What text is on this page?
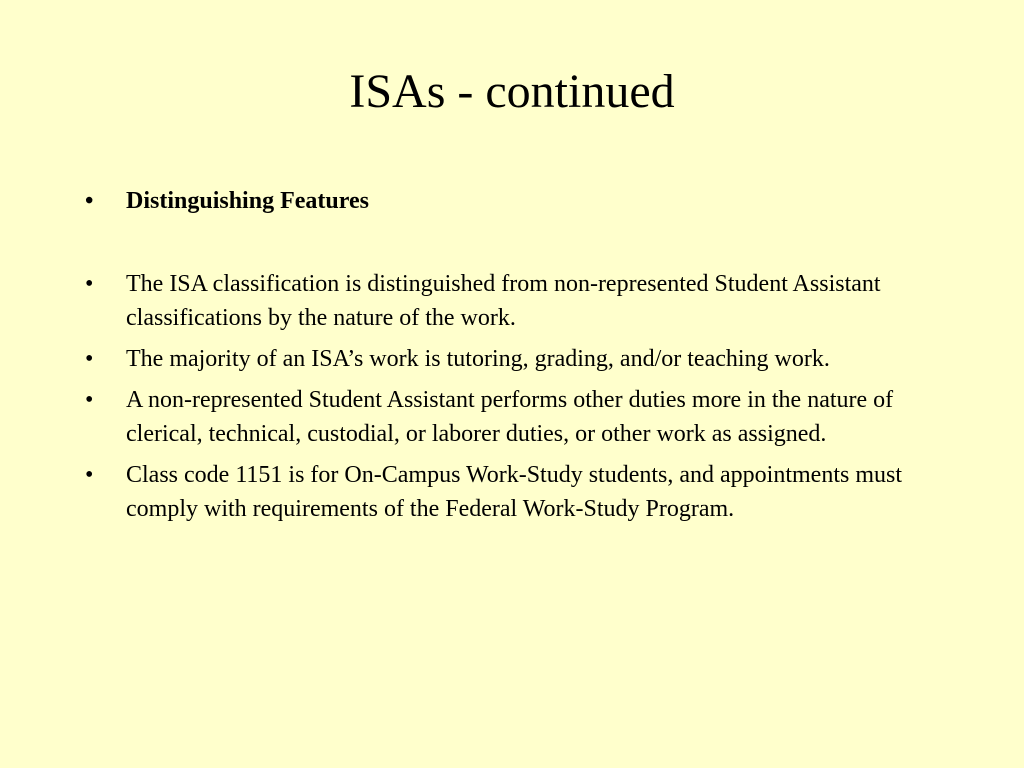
ISAs - continued
• Distinguishing Features
• The ISA classification is distinguished from non-represented Student Assistant classifications by the nature of the work.
• The majority of an ISA’s work is tutoring, grading, and/or teaching work.
• A non-represented Student Assistant performs other duties more in the nature of clerical, technical, custodial, or laborer duties, or other work as assigned.
• Class code 1151 is for On-Campus Work-Study students, and appointments must comply with requirements of the Federal Work-Study Program.
